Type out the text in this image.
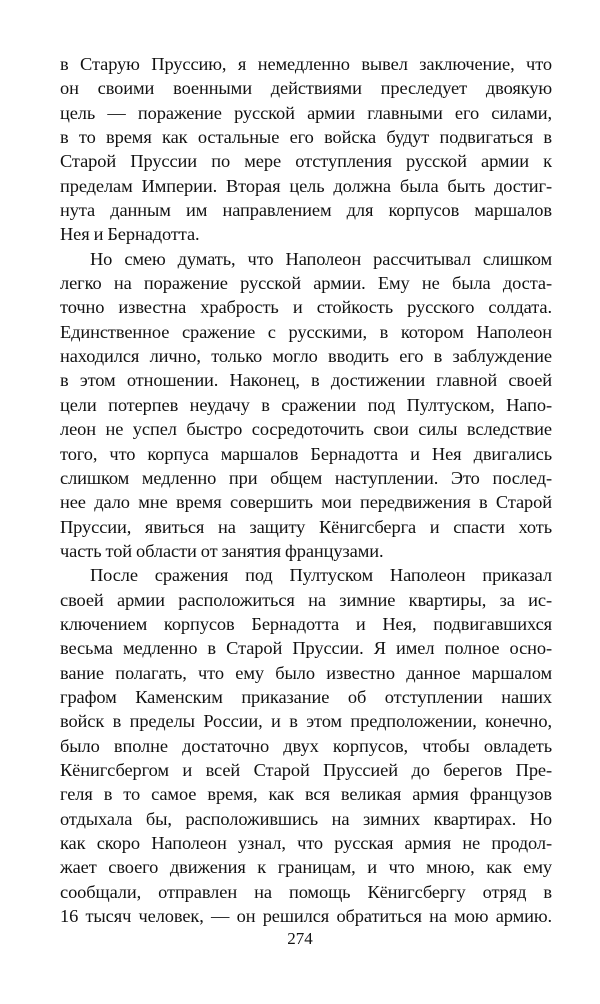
в Старую Пруссию, я немедленно вывел заключение, что
он своими военными действиями преследует двоякую
цель — поражение русской армии главными его силами,
в то время как остальные его войска будут подвигаться в
Старой Пруссии по мере отступления русской армии к
пределам Империи. Вторая цель должна была быть достиг-
нута данным им направлением для корпусов маршалов
Нея и Бернадотта.
Но смею думать, что Наполеон рассчитывал слишком
легко на поражение русской армии. Ему не была доста-
точно известна храбрость и стойкость русского солдата.
Единственное сражение с русскими, в котором Наполеон
находился лично, только могло вводить его в заблуждение
в этом отношении. Наконец, в достижении главной своей
цели потерпев неудачу в сражении под Пултуском, Напо-
леон не успел быстро сосредоточить свои силы вследствие
того, что корпуса маршалов Бернадотта и Нея двигались
слишком медленно при общем наступлении. Это послед-
нее дало мне время совершить мои передвижения в Старой
Пруссии, явиться на защиту Кёнигсберга и спасти хоть
часть той области от занятия французами.
После сражения под Пултуском Наполеон приказал
своей армии расположиться на зимние квартиры, за ис-
ключением корпусов Бернадотта и Нея, подвигавшихся
весьма медленно в Старой Пруссии. Я имел полное осно-
вание полагать, что ему было известно данное маршалом
графом Каменским приказание об отступлении наших
войск в пределы России, и в этом предположении, конечно,
было вполне достаточно двух корпусов, чтобы овладеть
Кёнигсбергом и всей Старой Пруссией до берегов Пре-
геля в то самое время, как вся великая армия французов
отдыхала бы, расположившись на зимних квартирах. Но
как скоро Наполеон узнал, что русская армия не продол-
жает своего движения к границам, и что мною, как ему
сообщали, отправлен на помощь Кёнигсбергу отряд в
16 тысяч человек, — он решился обратиться на мою армию.
274
